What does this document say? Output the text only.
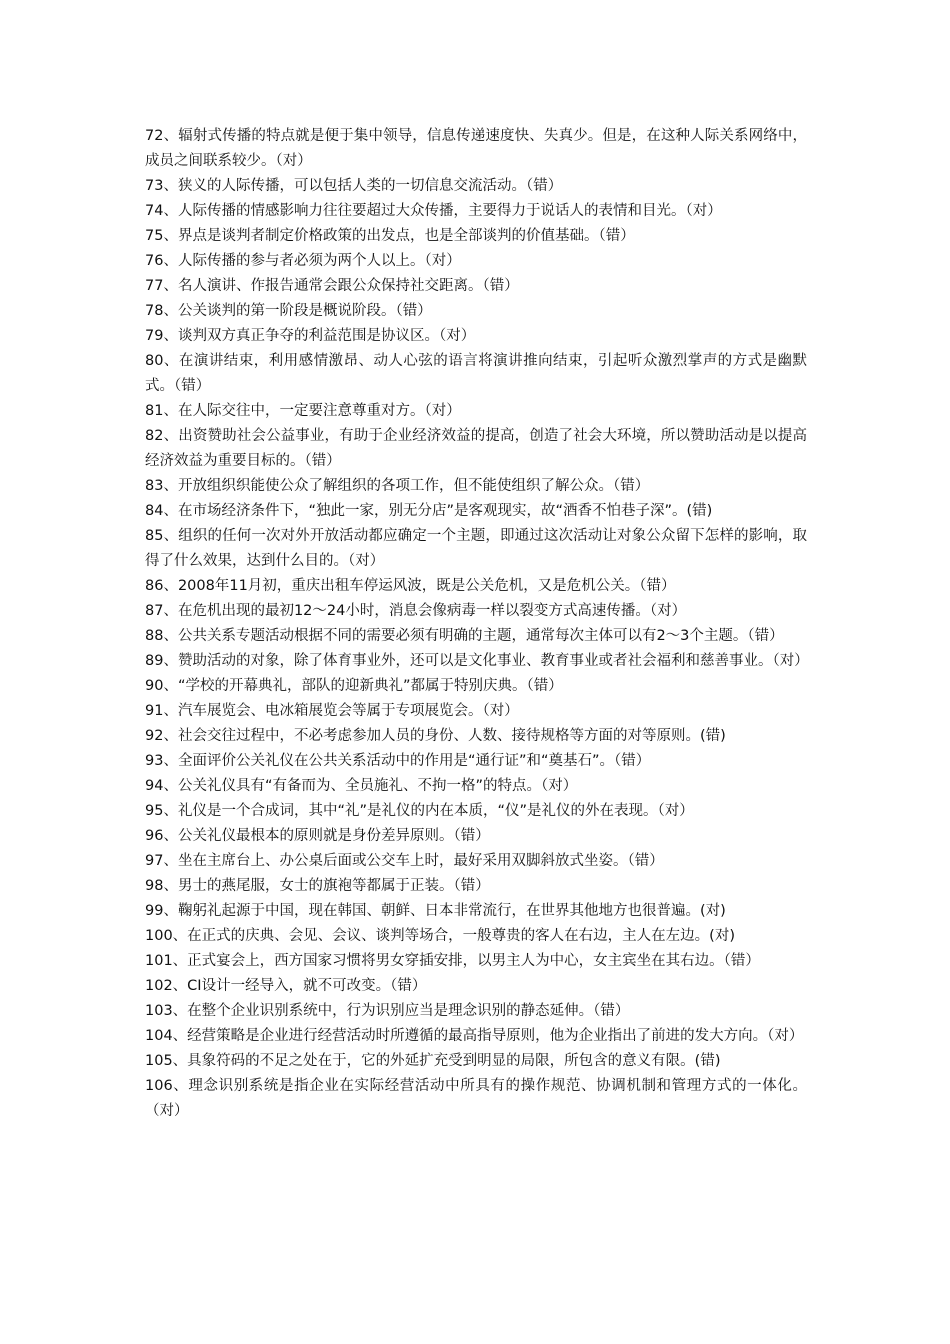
72、辐射式传播的特点就是便于集中领导，信息传递速度快、失真少。但是，在这种人际关系网络中，成员之间联系较少。（对）

73、狭义的人际传播，可以包括人类的一切信息交流活动。（错）

74、人际传播的情感影响力往往要超过大众传播，主要得力于说话人的表情和目光。（对）

75、界点是谈判者制定价格政策的出发点，也是全部谈判的价值基础。（错）

76、人际传播的参与者必须为两个人以上。（对）

77、名人演讲、作报告通常会跟公众保持社交距离。（错）

78、公关谈判的第一阶段是概说阶段。（错）

79、谈判双方真正争夺的利益范围是协议区。（对）

80、在演讲结束，利用感情激昂、动人心弦的语言将演讲推向结束，引起听众激烈掌声的方式是幽默式。（错）

81、在人际交往中，一定要注意尊重对方。（对）

82、出资赞助社会公益事业，有助于企业经济效益的提高，创造了社会大环境，所以赞助活动是以提高经济效益为重要目标的。（错）

83、开放组织织能使公众了解组织的各项工作，但不能使组织了解公众。（错）

84、在市场经济条件下，“独此一家，别无分店”是客观现实，故“酒香不怕巷子深”。(错)

85、组织的任何一次对外开放活动都应确定一个主题，即通过这次活动让对象公众留下怎样的影响，取得了什么效果，达到什么目的。（对）

86、2008年11月初，重庆出租车停运风波，既是公关危机，又是危机公关。（错）

87、在危机出现的最初12～24小时，消息会像病毒一样以裂变方式高速传播。（对）

88、公共关系专题活动根据不同的需要必须有明确的主题，通常每次主体可以有2～3个主题。（错）

89、赞助活动的对象，除了体育事业外，还可以是文化事业、教育事业或者社会福利和慈善事业。（对）

90、“学校的开幕典礼，部队的迎新典礼”都属于特别庆典。（错）

91、汽车展览会、电冰箱展览会等属于专项展览会。（对）

92、社会交往过程中，不必考虑参加人员的身份、人数、接待规格等方面的对等原则。(错)

93、全面评价公关礼仪在公共关系活动中的作用是“通行证”和“奠基石”。（错）

94、公关礼仪具有“有备而为、全员施礼、不拘一格”的特点。（对）

95、礼仪是一个合成词，其中“礼”是礼仪的内在本质，“仪”是礼仪的外在表现。（对）

96、公关礼仪最根本的原则就是身份差异原则。（错）

97、坐在主席台上、办公桌后面或公交车上时，最好采用双脚斜放式坐姿。（错）

98、男士的燕尾服，女士的旗袍等都属于正装。（错）

99、鞠躬礼起源于中国，现在韩国、朝鲜、日本非常流行，在世界其他地方也很普遍。(对)

100、在正式的庆典、会见、会议、谈判等场合，一般尊贵的客人在右边，主人在左边。(对)

101、正式宴会上，西方国家习惯将男女穿插安排，以男主人为中心，女主宾坐在其右边。（错）

102、CI设计一经导入，就不可改变。（错）

103、在整个企业识别系统中，行为识别应当是理念识别的静态延伸。（错）

104、经营策略是企业进行经营活动时所遵循的最高指导原则，他为企业指出了前进的发大方向。（对）

105、具象符码的不足之处在于，它的外延扩充受到明显的局限，所包含的意义有限。(错)

106、理念识别系统是指企业在实际经营活动中所具有的操作规范、协调机制和管理方式的一体化。（对）
